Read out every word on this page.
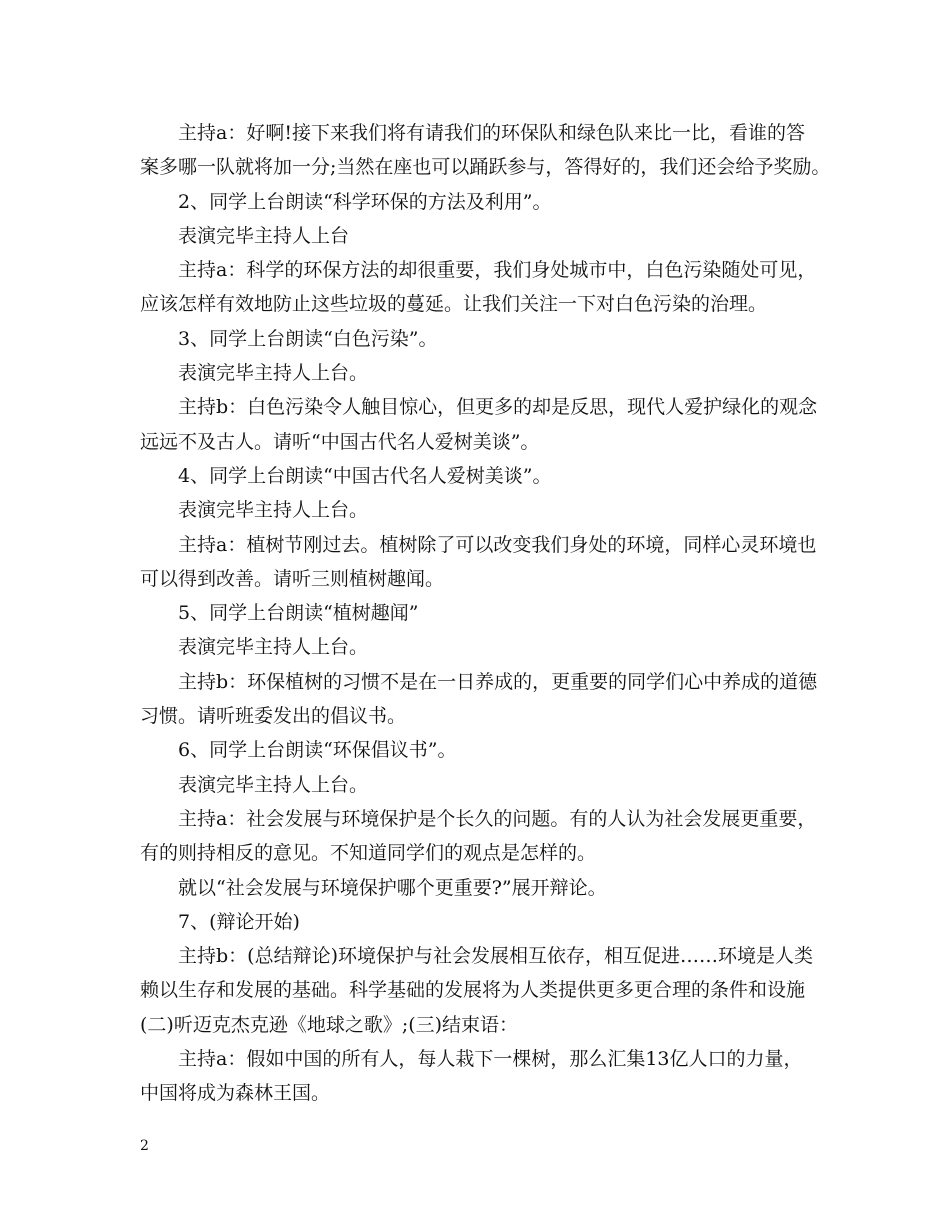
主持a：好啊!接下来我们将有请我们的环保队和绿色队来比一比，看谁的答

案多哪一队就将加一分;当然在座也可以踊跃参与，答得好的，我们还会给予奖励。

2、同学上台朗读“科学环保的方法及利用”。

表演完毕主持人上台

主持a：科学的环保方法的却很重要，我们身处城市中，白色污染随处可见，

应该怎样有效地防止这些垃圾的蔓延。让我们关注一下对白色污染的治理。

3、同学上台朗读“白色污染”。

表演完毕主持人上台。

主持b：白色污染令人触目惊心，但更多的却是反思，现代人爱护绿化的观念

远远不及古人。请听“中国古代名人爱树美谈”。

4、同学上台朗读“中国古代名人爱树美谈”。

表演完毕主持人上台。

主持a：植树节刚过去。植树除了可以改变我们身处的环境，同样心灵环境也

可以得到改善。请听三则植树趣闻。

5、同学上台朗读“植树趣闻”

表演完毕主持人上台。

主持b：环保植树的习惯不是在一日养成的，更重要的同学们心中养成的道德

习惯。请听班委发出的倡议书。

6、同学上台朗读“环保倡议书”。

表演完毕主持人上台。

主持a：社会发展与环境保护是个长久的问题。有的人认为社会发展更重要，

有的则持相反的意见。不知道同学们的观点是怎样的。

就以“社会发展与环境保护哪个更重要?”展开辩论。

7、(辩论开始)

主持b：(总结辩论)环境保护与社会发展相互依存，相互促进……环境是人类

赖以生存和发展的基础。科学基础的发展将为人类提供更多更合理的条件和设施

(二)听迈克杰克逊《地球之歌》;(三)结束语：

主持a：假如中国的所有人，每人栽下一棵树，那么汇集13亿人口的力量，

中国将成为森林王国。

2
